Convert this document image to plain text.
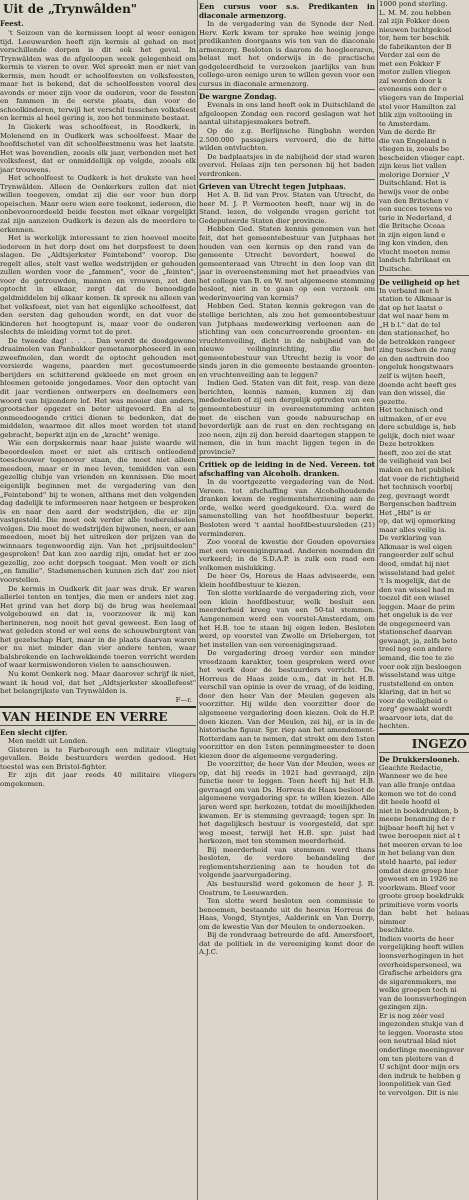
Uit de „Trynwâlden"
Feest.

't Seizoen van de kermissen loopt al weer eenigen tijd. Leeuwarden heeft zijn kermis al gehad en met verschillende dorpen is dit ook het geval. In Trynwâlden was de afgeloopen week gelegenheid om kermis te vieren te over. Wel spreekt men er niet van kermis, men houdt er schoolfeesten en volksfeesten, maar het is bekend, dat de schoolfeesten vooral des avonds er meer zijn voor de ouderen, voor de feesten en fammen in de eerste plaats, dan voor de schoolkinderen, terwijl het verschil tusschen volksfeest en kermis al heel gering is, zoo het tenminste bestaat.

In Giekerk was schoolfeest, in Roodkerk, in Molenend en in Oudkerk was schoolfeest. Maar de hoofdschotel van dit schoolfeestmenu was het laatste. Het was bovendien, zooals elk jaar, verbonden met het volksfeest, dat er onmiddellijk op volgde, zooals elk jaar trouwens.

Het schoolfeest te Oudkerk is het drukste van heel Trynwâlden. Alleen de Oenkerkers zullen dat niet willen toegeven, omdat zij die eer voor hun dorp opeischen. Maar eere wien eere toekomt, iedereen, die onbevooroordeeld beide feesten met elkaar vergelijkt zal zijn aanzeien Oudkerk is dezen als de meerdere te erkennen.

Het is werkelijk interessant te zien hoeveel moeite iedereen in het dorp doet om het dorpsfeest te doen slagen. De „Aldtsjerkster Feintebond" voorop. Die regelt alles, stelt vast welke wedstrijden er gehouden zullen worden voor de „fammen", voor de „feinten", voor de getrouwden, mannen en vrouwen, zet den optocht in elkaar, zorgt dat de benoodigde geldmiddelen bij elkaar komen. Ik spreek nu alleen van het volksfeest, niet van het eigenlijke schoolfeest, dat den eersten dag gehouden wordt, en dat voor de kinderen het hoogtepunt is, maar voor de ouderen slechts de inleiding vormt tot de pret.

De tweede dag! . . . . Dan wordt de doodgewone draaimolen van Panbakker gemetamorphoseerd in een zweefmolen, dan wordt de optocht gehouden met versierde wagens, paarden met gecostumeerde berijders en schitterend gekleede en met groen en bloemen getooide jongedames. Voor den optocht van dit jaar verdienen ontwerpers en deelnemers een woord van bijzondere lof. Het was mooier dan anders, grootscher opgezet en beter uitgevoerd. En al te onmeedoogende critici dienen te bedenken, dat de middelen, waarmee dit alles moet worden tot stand gebracht, beperkt zijn en de „kracht" wenige.

Wie een dorpskermis naar haar juiste waarde wil beoordeelen moet er niet als critisch ontleedend toeschouwer tegenover staan, die moet niet alleen meedoen, maar er in mee leven, temidden van een gezellig clubje van vrienden en kennissen. Die moet eigenlijk beginnen met de vergadering van den „Feintebond" bij te wonen, althans met den volgenden dag dadelijk te informeeren naar hetgeen er besproken is en naar den aard der wedstrijden, die er zijn vastgesteld. Die moet ook verder alle toebereidselen volgen. Die moet de wedstrijden bijwonen, neen, er aan meedoen, moet bij het uitreiken der prijzen van de winnaars tegenwoordig zijn. Van het „prijsuitdeelen" gesproken! Dat kan zoo aardig zijn, omdat het er zoo gezellig, zoo echt dorpsch toegaat. Men voelt er zich „en familie". Stadsmenschen kunnen zich dat' zoo niet voorstellen.

De kermis in Oudkerk dit jaar was druk. Er waren allerlei tenten en tentjes, die men er anders niet zag. Het grind van het dorp bij de brug was heelemaal volgebouwd en dat is, voorzoover ik mij kan herinneren, nog nooit het geval geweest. Een laag of wat geleden stond er wel eens de schouwburgtent van het gezelschap Hart, maar in de plaats daarvan waren er nu niet minder dan vier andere tenten, waar balsbrekende en lachwekkende toeren verricht werden of waar kermiswonderen vielen te aanschouwen.

Nu komt Oenkerk nog. Maar daarover schrijf ik niet, want ik houd vol, dat het „Aldtsjerkster skoallefeest" het belangrijkste van Trynwâlden is.

F—r.
VAN HEINDE EN VERRE

Een slecht cijfer.

Men meldt uit Londen.

Gisteren is te Farborough een militair vliegtuig gevallen. Beide bestuurders werden gedood. Het toestel was een Bristol-fighter.

Er zijn dit jaar reeds 40 militaire vliegers omgekomen.

Een cursus voor s.s. Predikanten in diaconale armenzorg.

In de vergadering van de Synode der Ned. Herv. Kerk kwam ter sprake hoe weinig jonge predikanten doorgaans wis ten van de diaconale armenzorg. Besloten is daarom de hoogleeraren, belast met het onderwijs in de practische godgeleerdheid te verzoeken jaarlijks van hun college-uren eenige uren te willen geven voor een cursus in diaconale armenzorg.

De wargne Zondag.

Evenals in ons land heeft ook in Duitschland de afgeloopen Zondag een record geslagen wat het aantal uitstapjesmakers betreft.

Op de z.g. Berlijnsche Ringbahn werden 2.500.000 passagiers vervoerd, die de hitte wilden ontvluchten.

De badplaatsjes in de nabijheid der stad waren overvol. Helaas zijn ten personen bij het baden verdronken.

Grieven van Utrecht tegen Jutphaas.

Het A. B. lid van Prov. Staten van Utrecht, de heer M. J. P. Vermooten heeft, naar wij in de Stand. lezen, de volgende vragen gericht tot Gedeputeerde Staten dier provincie.

Hebben Ged. Staten kennis genomen van het feit, dat het gemeentebestuur van Jutphaas het houden van een kermis op den rand van de gemeente Utrecht bevordert, hoewel de gemeenteraad van Utrecht in den loop van dit jaar in overeenstemming met het praeadvies van het college van B. en W. met algemeene stemming besloot, niet in te gaan op een verzoek om wederinvoering van kermis?

Hebben Ged. Staten kennis gekregen van de stellige berichten, als zou het gemeentebestuur van Jutphaas medewerking verleenen aan de stichting van een concurreerende groenten- en vruchtenveiling, dicht in de nabijheid van de nieuwe veilinginrichting, die het gemeentebestuur van Utrecht bezig is voor de sinds jaren in die gemeente bestaande groenten- en vruchtenveiling aan te leggen?

Indien Ged. Staten van dit feit, resp. van deze berichten, kennis namen, kunnen zij dan mededeelen of zij een dergelijk optreden van een gemeentebestuur in overeenstemming achten met de eischen van goede nabuurschap en bevorderlijk aan de rust en den rechtsgang en zoo neen, zijn zij dan bereid daartegen stappen te nemen, die in hun macht liggen tegen in de provincie?

Critiek op de leiding in de Ned. Vereen. tot afschaffing van Alcoholh. dranken.

In de voortgezette vergadering van de Ned. Vereen. tot afschaffing van Alcoholhoudende dranken kwam de reglementsherziening aan de orde, welke werd goedgekeurd. O.a. werd de samenstelling van het hoofdbestuur beperkt. Besloten werd 't aantal hoofdbestuursleden (21) verminderen.

Zoo vooral de kwestie der Gouden opoversies met een vereenigingsraad. Anderen noemden dit verkeerd; in de S.D.A.P. is zulk een raad een volkomen mislukking.

De heer Os, Horeus de Haas adviseerde, een klein hoofdbestuur te kiezen.

Ten slotte verklaarde de vergadering zich, voor een klein hoofdbestuur, welk besluit een meerderheid kreeg van een 50-tal stemmen. Aangenomen werd een voorstel-Amsterdam, om het H.B. toe te staan bij eigen leden. Besloten werd, op voorstel van Zwolle en Driebergen, tot het instellen van een vereenigingsraad.

De vergadering droeg verder een minder vreedzaam karakter, toen gesproken werd over het werk door de bestuurders verricht. Ds. Horreus de Haas zeide o.m., dat in het H.B. verschil van opinie is over de vraag, of de leiding, door den heer Van der Meulen gegeven als voorzitter. Hij wilde den voorzitter door de algemeene vergadering doen kiezen. Ook de H.P. doen kiezen. Van der Meulen, zei hij, er is in de historische figuur. Spr. riep aan het amendement-Rotterdam aan te nemen, dat strekt om den 1sten voorzitter en den 1sten penningmeester te doen kiezen door de algemeene vergadering.

De voorzitter, de heer Van der Meulen, wees er op, dat hij reeds in 1921 had gevraagd, zijn functie neer te leggen. Toen heeft hij het H.B. gevraagd om van Ds. Horreus de Haas besloot de algemeene vergadering spr. te willen kiezen. Alle jaren werd spr. herkozen, totdat de moeilijkheden kwamen. Er is stemming gevraagd; tegen spr. In het dagelijksch bestuur is voorgesteld, dat spr. weg moest, terwijl het H.B. spr. juist had herkozen, met ten stemmen meerderheid.

Bij meerderheid van stemmen werd thans besloten, de verdere behandeling der reglementsherziening aan te houden tot de volgende jaarvergadering.

Als bestuurslid werd gekomen de heer J. R. Oostrum, te Leeuwarden.

Ten slotte werd besloten een commissie te benoemen, bestaande uit de heeren Horreus de Haas, Voogd, Styntjes, Aalderink en Van Dorrp, om de kwestie Van der Meulen te onderzoeken.

Bij de rondvraag betreurde de afd. Amersfoort, dat de politiek in de vereeniging komt door de A.J.C.

1000 pond sterling.

L. M. M. zou hebben

zal zijn Fokker doen

nieuwen luchtgekoel

tor, hem ter beschik

de fabrikanten der B

Verder zal een de

met een Fokker F

motor zullen vliegen

zal worden door k

eveneens een der o

vliegers van de Imperial

stel voor Hamilton zal

blik zijn voltooiing in

te Amsterdam.

Van de derde Br

die van Engeland n

vliegen is, zooals be

bescheiden vlieger capt.

zijn keus liet vallen

molorige Dornier „V

Duitschland. Het is

bewijs voor de onbe

van den Britschen v

een succes tevens vo

tsrie in Nederland, d

die Britsche Oceaa

in zijn eigen land e

ing kon vinden, den

vlucht moeten neme

landsch fabrikaat en

Duitsche.

De veiligheid op het

In verband met h

station te Alkmaar is

dat op het laatst o

dat wel naar hem m

„H b l." dat de tel

den stationschef, ho

de betrokken rangeer

zing tusschen de rang

en den aadtrein doo

ongeluk hoogstwaars

zelf is wijten heeft,

doende acht heeft ges

van den wissel, die

gezette.

Het technisch ond

uitmaken, of er eve

dere schuldige is, heb

gelijk, doch niet waar

Deze betrokken

heeft, zoo zei de stat

de veiligheid van bel

maken en het publiek

dat voor de richtigheid

het technisch voorbij

zeg, gevraagt wordt

Bergenschen badtrein

Het „Hbl" is er

op, dat wij opmerking

maar alles veilig is.

De verklaring van

Alkmaar is wel eigen

rangeerder zelf schul

dood, omdat hij niet

wisselstand had gelet

't Is mogelijk, dat de

den van wissel had m

toezel dit een wissel

leggen. Maar de prim

het ongeluk is de ver

de ongegeneerd van

stationschef daarvan

gewaagt, ja, zelfs beto

treel nog een andere

iemand, die toe te zie

voor ook zijn besloegen

wisselstand was uitge

ruststellend en onten

klaring, dat in het sc

voor de veiligheid o

zorg" gewaakt wordt

waarvoor iets, dat de

hechten.

INGEZO

De Drukkerslooneh.

Geachte Redactie,

Wanneer we de hee

van alle franje ontdaa

komen we tot de cond

dit heele hoofd el

niet in boekdrukken, b

meene benaming de r

bijbaar heeft hij het v

twee beroepen niet al t

het meeren ervan te loe

in het belang van den

steld haarte, pal ieder

omdat deze groep hier

geweest en in 1926 ne

voorkwam. Bleef voor

groote groep boekdrukk

primitieve vorm voorls

dan hebt het helaas nimmer

beschikte.

Indien voorts de heer

vergelijking heeft willen

loonsverhogingen in het

overheidspersoneel, wa

Grafische arbeiders gra

de sigarenmakers, me

welke groepen toch ni

van de loonsverhogingen

gezingen zijn.

Er is nog zéér veel

ingezonden stukje van d

te leggen. Vooraste stee

een neutraal blad niet

onderlinge meeningsver

om ten pleitere van d

U schijnt door mijn ers

den indruk te hebben g

loonpolitiek van Ged

te vervolgen. Dit is nie
